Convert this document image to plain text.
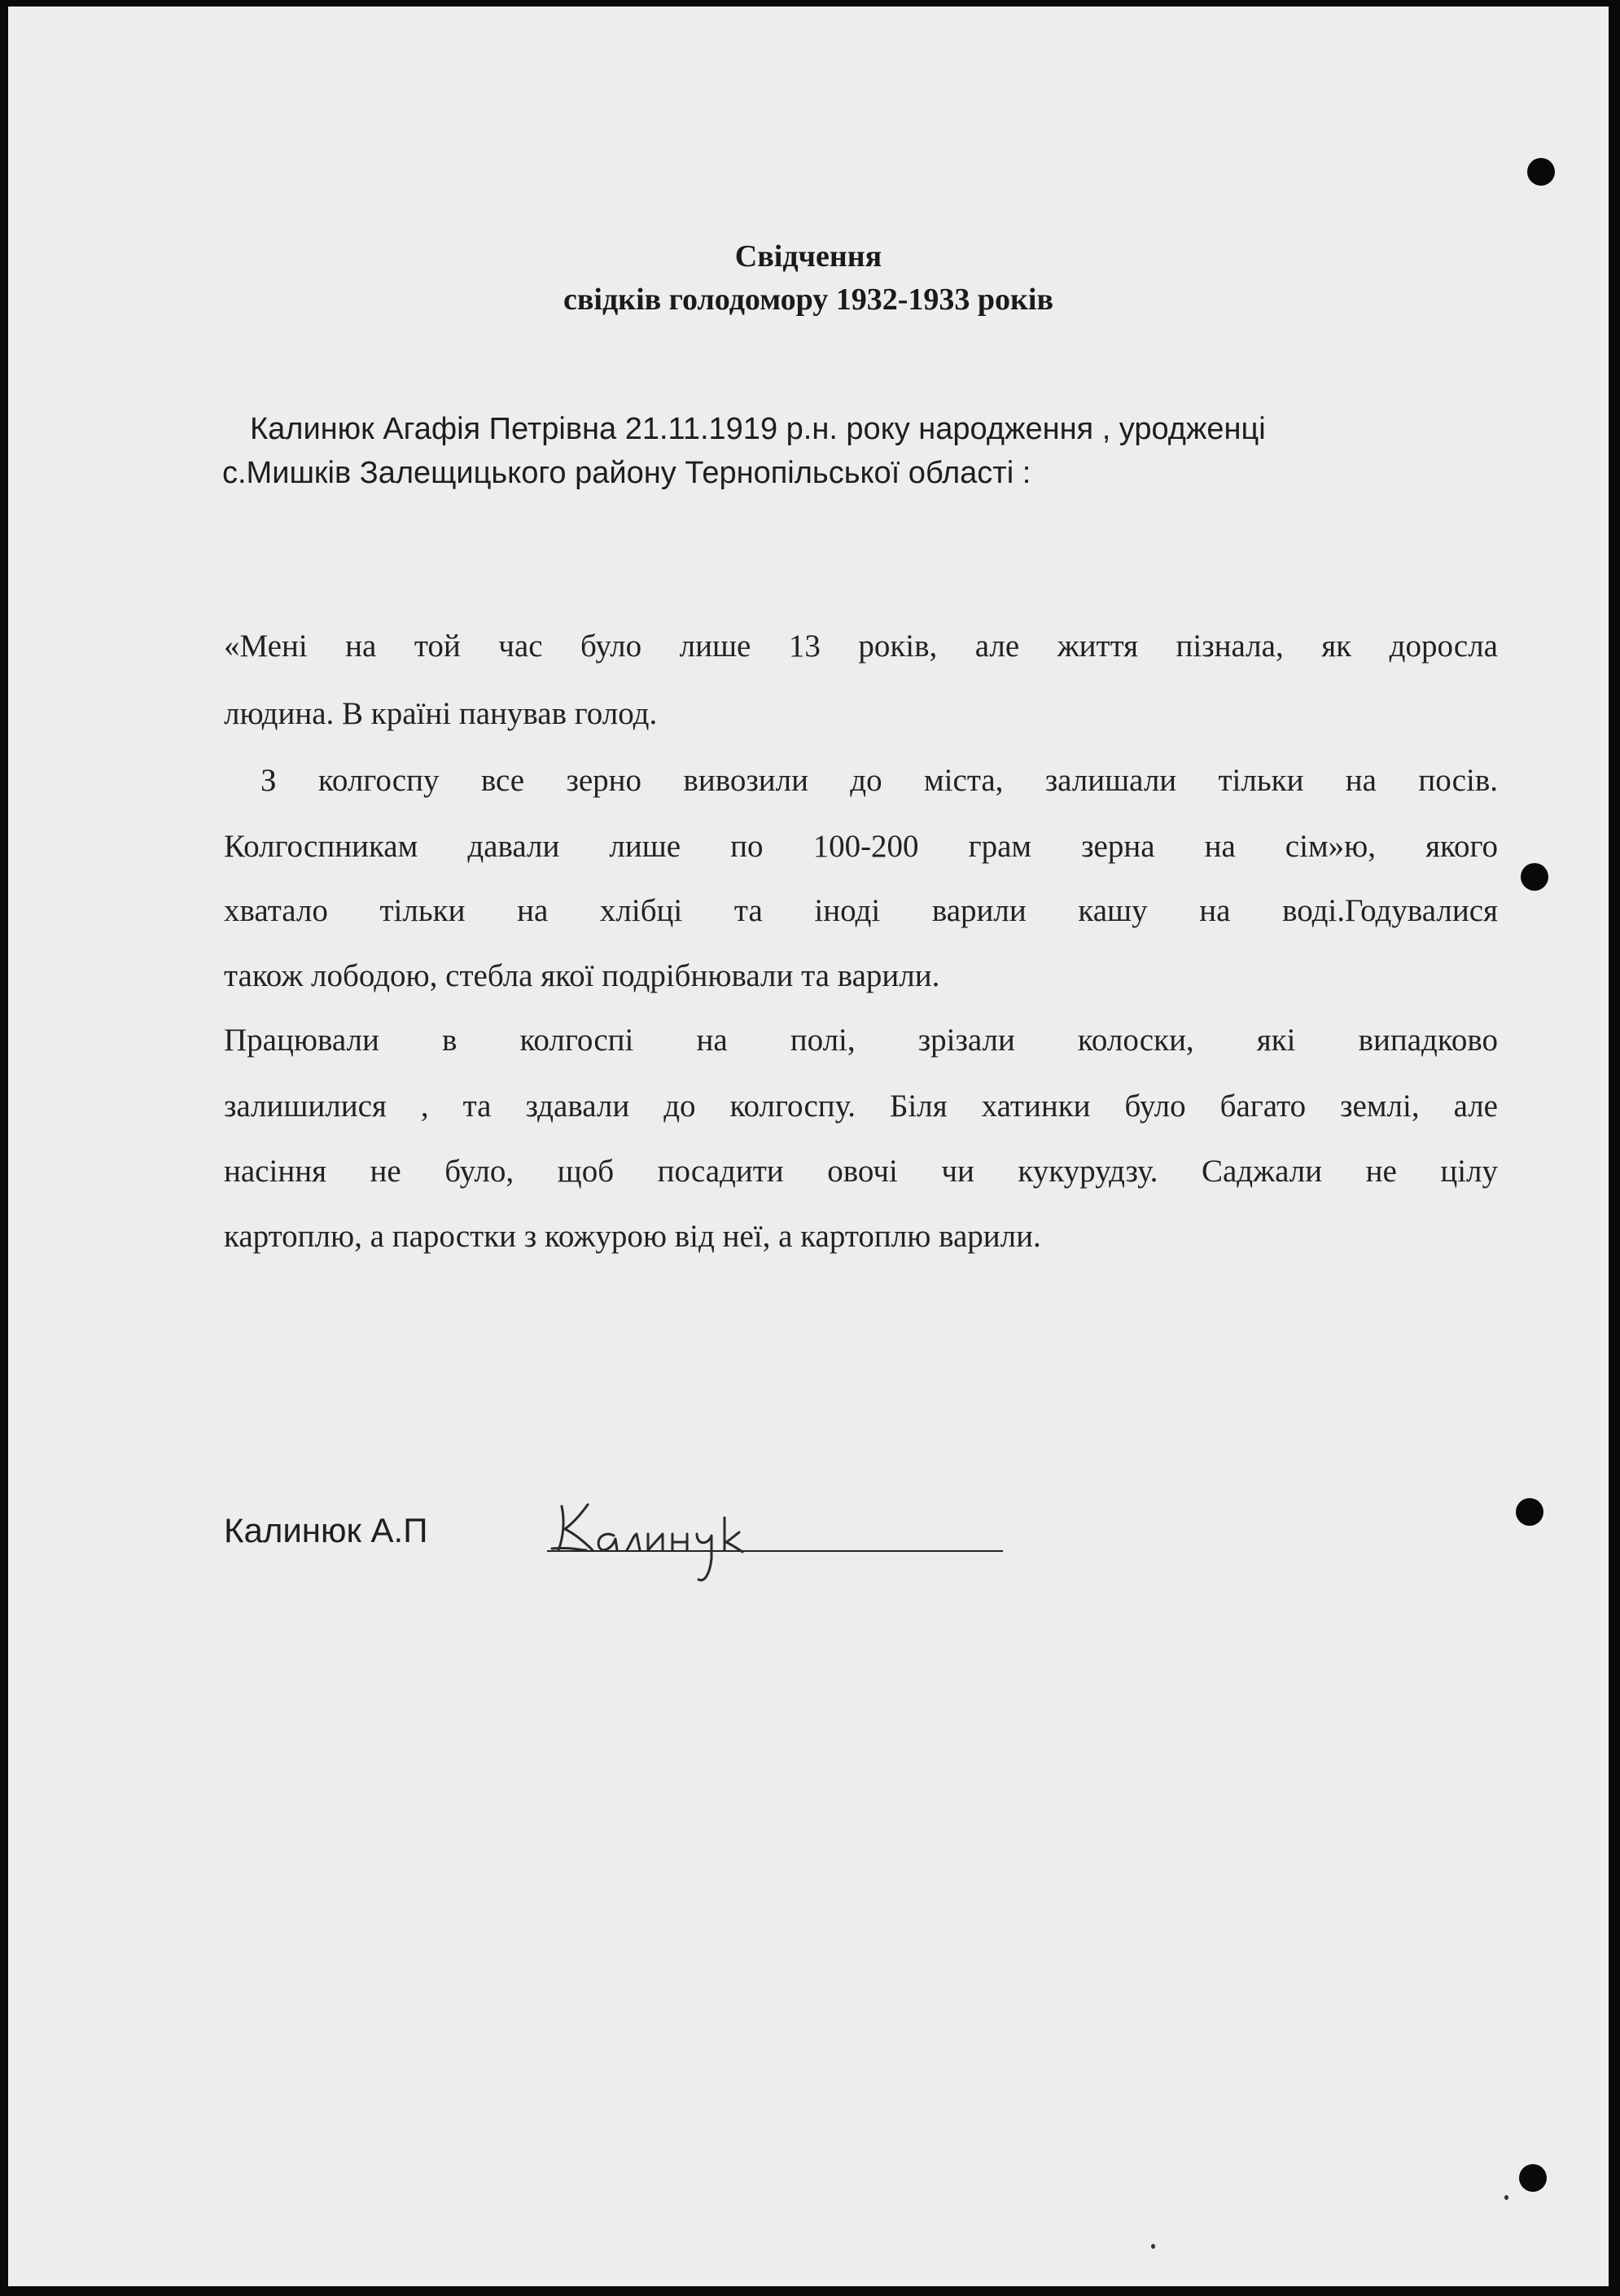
Свідчення
свідків голодомору 1932-1933 років
Калинюк Агафія Петрівна 21.11.1919 р.н. року народження , уродженці
с.Мишків Залещицького району Тернопільської області :
«Мені на той час було лише 13 років, але життя пізнала, як доросла
людина. В країні панував голод.
З колгоспу все зерно вивозили до міста, залишали тільки на посів.
Колгоспникам давали лише по 100-200 грам зерна на сім»ю, якого
хватало тільки на хлібці та іноді варили кашу на воді.Годувалися
також лободою, стебла якої подрібнювали та варили.
Працювали в колгоспі на полі, зрізали колоски, які випадково
залишилися , та здавали до колгоспу. Біля хатинки було багато землі, але
насіння не було, щоб посадити овочі чи кукурудзу. Саджали не цілу
картоплю, а паростки з кожурою від неї, а картоплю варили.
Калинюк А.П
